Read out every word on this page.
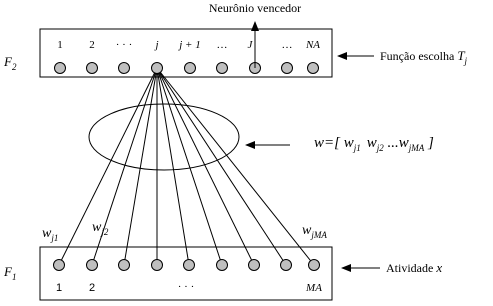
1 2 · · · j j + 1 … J	… NA
Neurônio vencedor
$F_2$
Função escolha $T_j$
w=[ $w_{j1}$ $w_{j2}$ $...w_{jMA}$ ]
$w_{j1}$
$w_{j2}$	$w_{jMA}$
$F_1$
1 2	· · ·	MA
Atividade x
